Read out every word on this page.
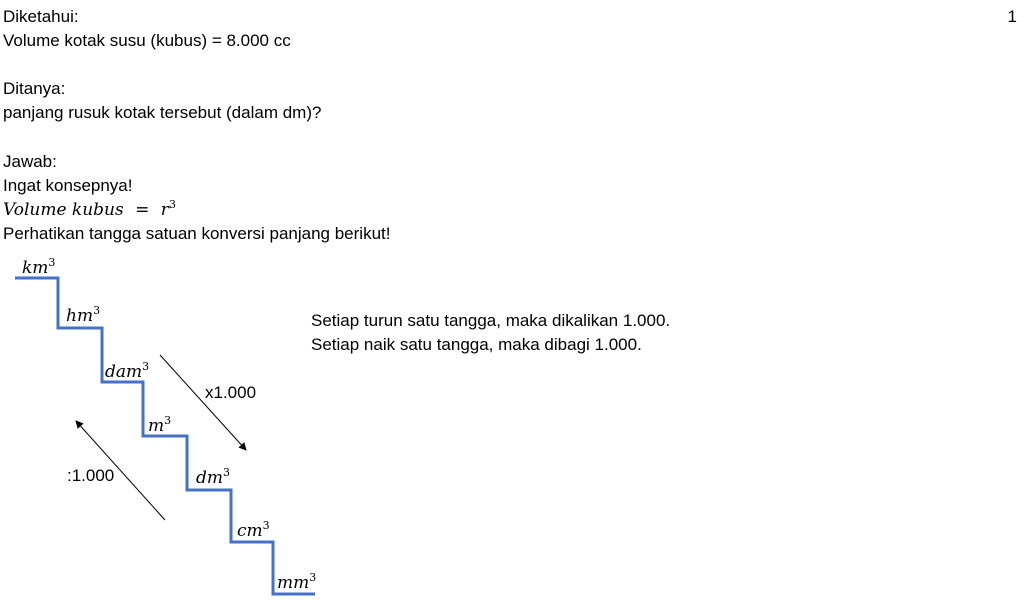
1
Diketahui:
Volume kotak susu (kubus) = 8.000 cc
Ditanya:
panjang rusuk kotak tersebut (dalam dm)?
Jawab:
Ingat konsepnya!
Volume kubus = $r^3$
Perhatikan tangga satuan konversi panjang berikut!
$km^3$
$hm^3$
dam$^3$
$m^3$
$dm^3$
$cm^3$
$mm^3$
x1.000
:1.000
Setiap turun satu tangga, maka dikalikan 1.000.
Setiap naik satu tangga, maka dibagi 1.000.
